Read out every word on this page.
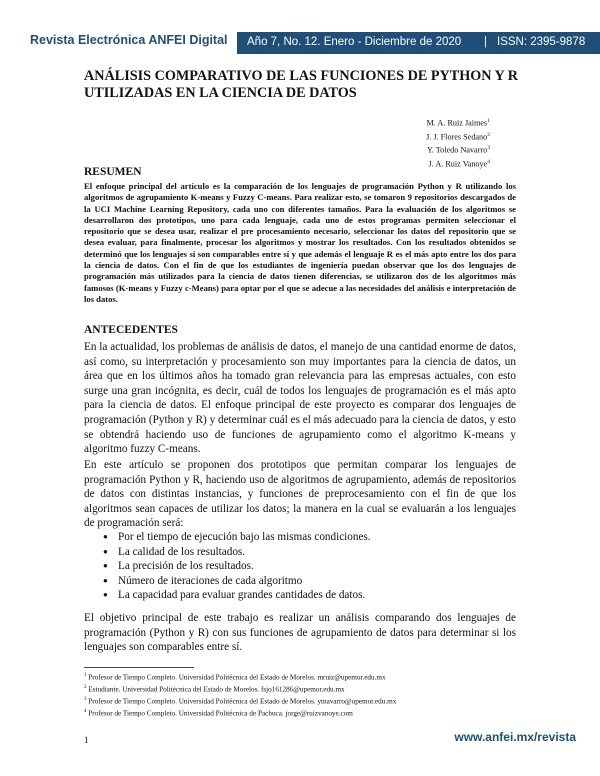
Revista Electrónica ANFEI Digital Año 7, No. 12. Enero - Diciembre de 2020 | ISSN: 2395-9878
ANÁLISIS COMPARATIVO DE LAS FUNCIONES DE PYTHON Y R UTILIZADAS EN LA CIENCIA DE DATOS
M. A. Ruiz Jaimes$^1$
J. J. Flores Sedano$^2$
Y. Toledo Navarro$^3$
J. A. Ruiz Vanoye$^4$
RESUMEN

El enfoque principal del artículo es la comparación de los lenguajes de programación Python y R utilizando los algoritmos de agrupamiento K-means y Fuzzy C-means. Para realizar esto, se tomaron 9 repositorios descargados de la UCI Machine Learning Repository, cada uno con diferentes tamaños. Para la evaluación de los algoritmos se desarrollaron dos prototipos, uno para cada lenguaje, cada uno de estos programas permiten seleccionar el repositorio que se desea usar, realizar el pre procesamiento necesario, seleccionar los datos del repositorio que se desea evaluar, para finalmente, procesar los algoritmos y mostrar los resultados. Con los resultados obtenidos se determinó que los lenguajes si son comparables entre sí y que además el lenguaje R es el más apto entre los dos para la ciencia de datos. Con el fin de que los estudiantes de ingeniería puedan observar que los dos lenguajes de programación más utilizados para la ciencia de datos tienen diferencias, se utilizaron dos de los algoritmos más famosos (K-means y Fuzzy c-Means) para optar por el que se adecue a las necesidades del análisis e interpretación de los datos.

ANTECEDENTES

En la actualidad, los problemas de análisis de datos, el manejo de una cantidad enorme de datos, así como, su interpretación y procesamiento son muy importantes para la ciencia de datos, un área que en los últimos años ha tomado gran relevancia para las empresas actuales, con esto surge una gran incógnita, es decir, cuál de todos los lenguajes de programación es el más apto para la ciencia de datos. El enfoque principal de este proyecto es comparar dos lenguajes de programación (Python y R) y determinar cuál es el más adecuado para la ciencia de datos, y esto se obtendrá haciendo uso de funciones de agrupamiento como el algoritmo K-means y algoritmo fuzzy C-means.

En este artículo se proponen dos prototipos que permitan comparar los lenguajes de programación Python y R, haciendo uso de algoritmos de agrupamiento, además de repositorios de datos con distintas instancias, y funciones de preprocesamiento con el fin de que los algoritmos sean capaces de utilizar los datos; la manera en la cual se evaluarán a los lenguajes de programación será:

● Por el tiempo de ejecución bajo las mismas condiciones.
● La calidad de los resultados.
● La precisión de los resultados.
● Número de iteraciones de cada algoritmo
● La capacidad para evaluar grandes cantidades de datos.

El objetivo principal de este trabajo es realizar un análisis comparando dos lenguajes de programación (Python y R) con sus funciones de agrupamiento de datos para determinar si los lenguajes son comparables entre sí.

$^1$ Profesor de Tiempo Completo. Universidad Politécnica del Estado de Morelos. mruiz@upemor.edu.mx
$^2$ Estudiante. Universidad Politécnica del Estado de Morelos. fsjo161286@upemor.edu.mx
$^3$ Profesor de Tiempo Completo. Universidad Politécnica del Estado de Morelos. ytnavarro@upemor.edu.mx
$^4$ Profesor de Tiempo Completo. Universidad Politécnica de Pachuca. jorge@ruizvanoye.com
1	www.anfei.mx/revista
